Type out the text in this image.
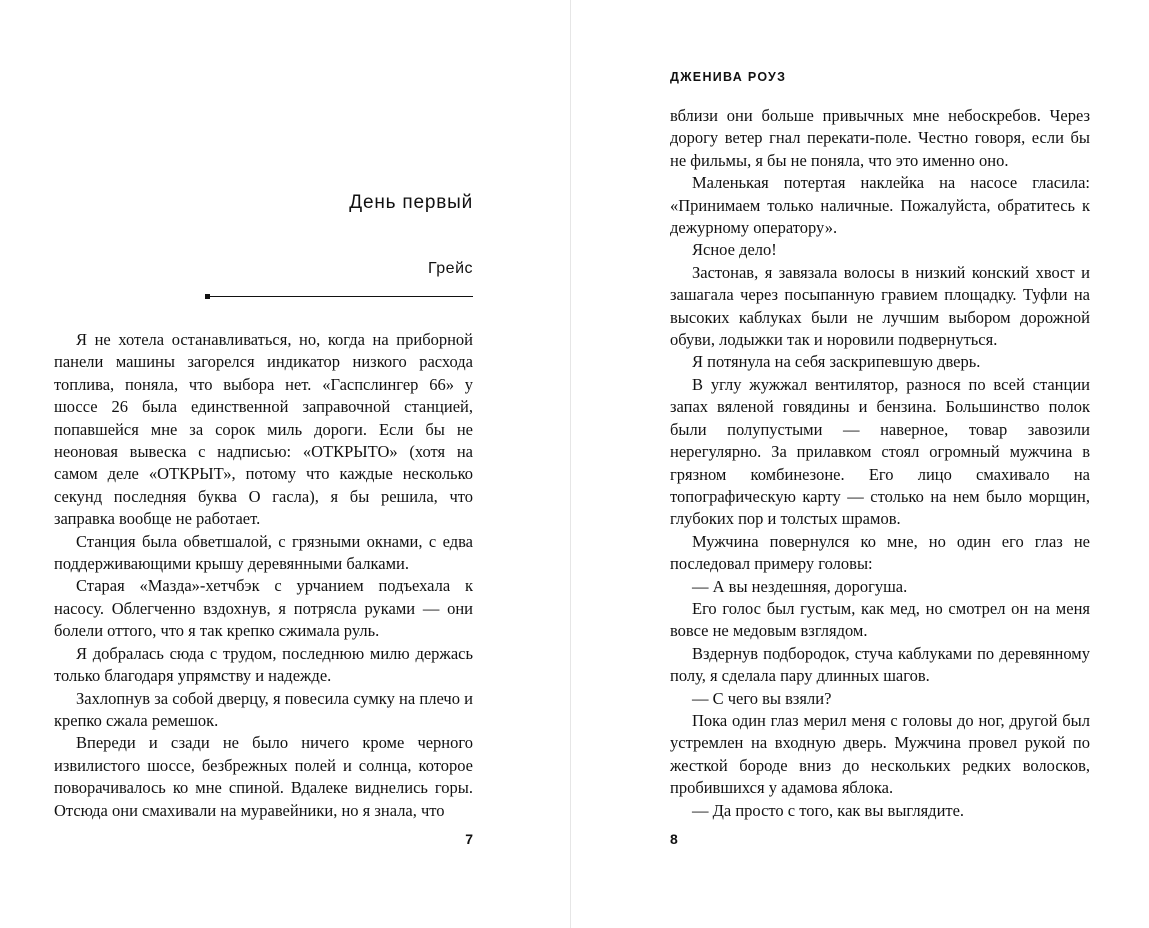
День первый
Грейс

Я не хотела останавливаться, но, когда на приборной панели машины загорелся индикатор низкого расхода топлива, поняла, что выбора нет. «Гаспслингер 66» у шоссе 26 была единственной заправочной станцией, попавшейся мне за сорок миль дороги. Если бы не неоновая вывеска с надписью: «ОТКРЫТО» (хотя на самом деле «ОТКРЫТ», потому что каждые несколько секунд последняя буква О гасла), я бы решила, что заправка вообще не работает.

Станция была обветшалой, с грязными окнами, с едва поддерживающими крышу деревянными балками.

Старая «Мазда»-хетчбэк с урчанием подъехала к насосу. Облегченно вздохнув, я потрясла руками — они болели оттого, что я так крепко сжимала руль.

Я добралась сюда с трудом, последнюю милю держась только благодаря упрямству и надежде.

Захлопнув за собой дверцу, я повесила сумку на плечо и крепко сжала ремешок.

Впереди и сзади не было ничего кроме черного извилистого шоссе, безбрежных полей и солнца, которое поворачивалось ко мне спиной. Вдалеке виднелись горы. Отсюда они смахивали на муравейники, но я знала, что

7
ДЖЕНИВА РОУЗ

вблизи они больше привычных мне небоскребов. Через дорогу ветер гнал перекати-поле. Честно говоря, если бы не фильмы, я бы не поняла, что это именно оно.

Маленькая потертая наклейка на насосе гласила: «Принимаем только наличные. Пожалуйста, обратитесь к дежурному оператору».

Ясное дело!

Застонав, я завязала волосы в низкий конский хвост и зашагала через посыпанную гравием площадку. Туфли на высоких каблуках были не лучшим выбором дорожной обуви, лодыжки так и норовили подвернуться.

Я потянула на себя заскрипевшую дверь.

В углу жужжал вентилятор, разнося по всей станции запах вяленой говядины и бензина. Большинство полок были полупустыми — наверное, товар завозили нерегулярно. За прилавком стоял огромный мужчина в грязном комбинезоне. Его лицо смахивало на топографическую карту — столько на нем было морщин, глубоких пор и толстых шрамов.

Мужчина повернулся ко мне, но один его глаз не последовал примеру головы:

— А вы нездешняя, дорогуша.

Его голос был густым, как мед, но смотрел он на меня вовсе не медовым взглядом.

Вздернув подбородок, стуча каблуками по деревянному полу, я сделала пару длинных шагов.

— С чего вы взяли?

Пока один глаз мерил меня с головы до ног, другой был устремлен на входную дверь. Мужчина провел рукой по жесткой бороде вниз до нескольких редких волосков, пробившихся у адамова яблока.

— Да просто с того, как вы выглядите.

8
